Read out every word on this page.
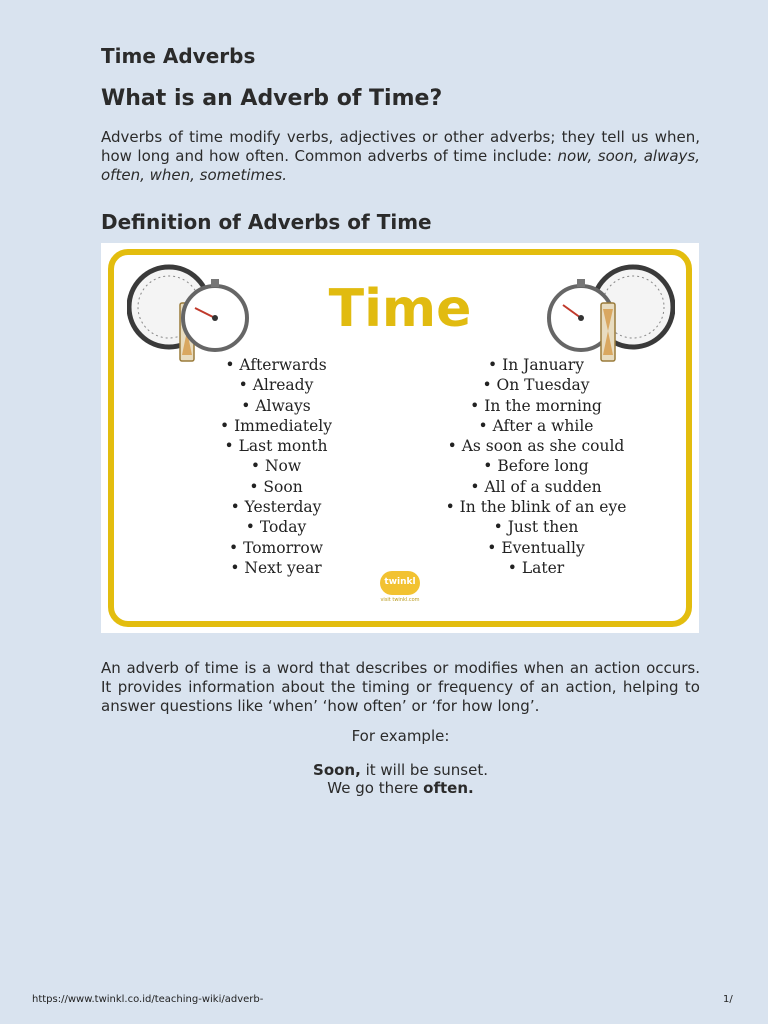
Time Adverbs
What is an Adverb of Time?

Adverbs of time modify verbs, adjectives or other adverbs; they tell us when, how long and how often. Common adverbs of time include: now, soon, always, often, when, sometimes.

Definition of Adverbs of Time
Time
• Afterwards
• Already
• Always
• Immediately
• Last month
• Now
• Soon
• Yesterday
• Today
• Tomorrow
• Next year
• In January
• On Tuesday
• In the morning
• After a while
• As soon as she could
• Before long
• All of a sudden
• In the blink of an eye
• Just then
• Eventually
• Later
twinkl
visit twinkl.com

An adverb of time is a word that describes or modifies when an action occurs. It provides information about the timing or frequency of an action, helping to answer questions like ‘when’ ‘how often’ or ‘for how long’.

For example:
Soon, it will be sunset.
We go there often.
https://www.twinkl.co.id/teaching-wiki/adverb-	1/
